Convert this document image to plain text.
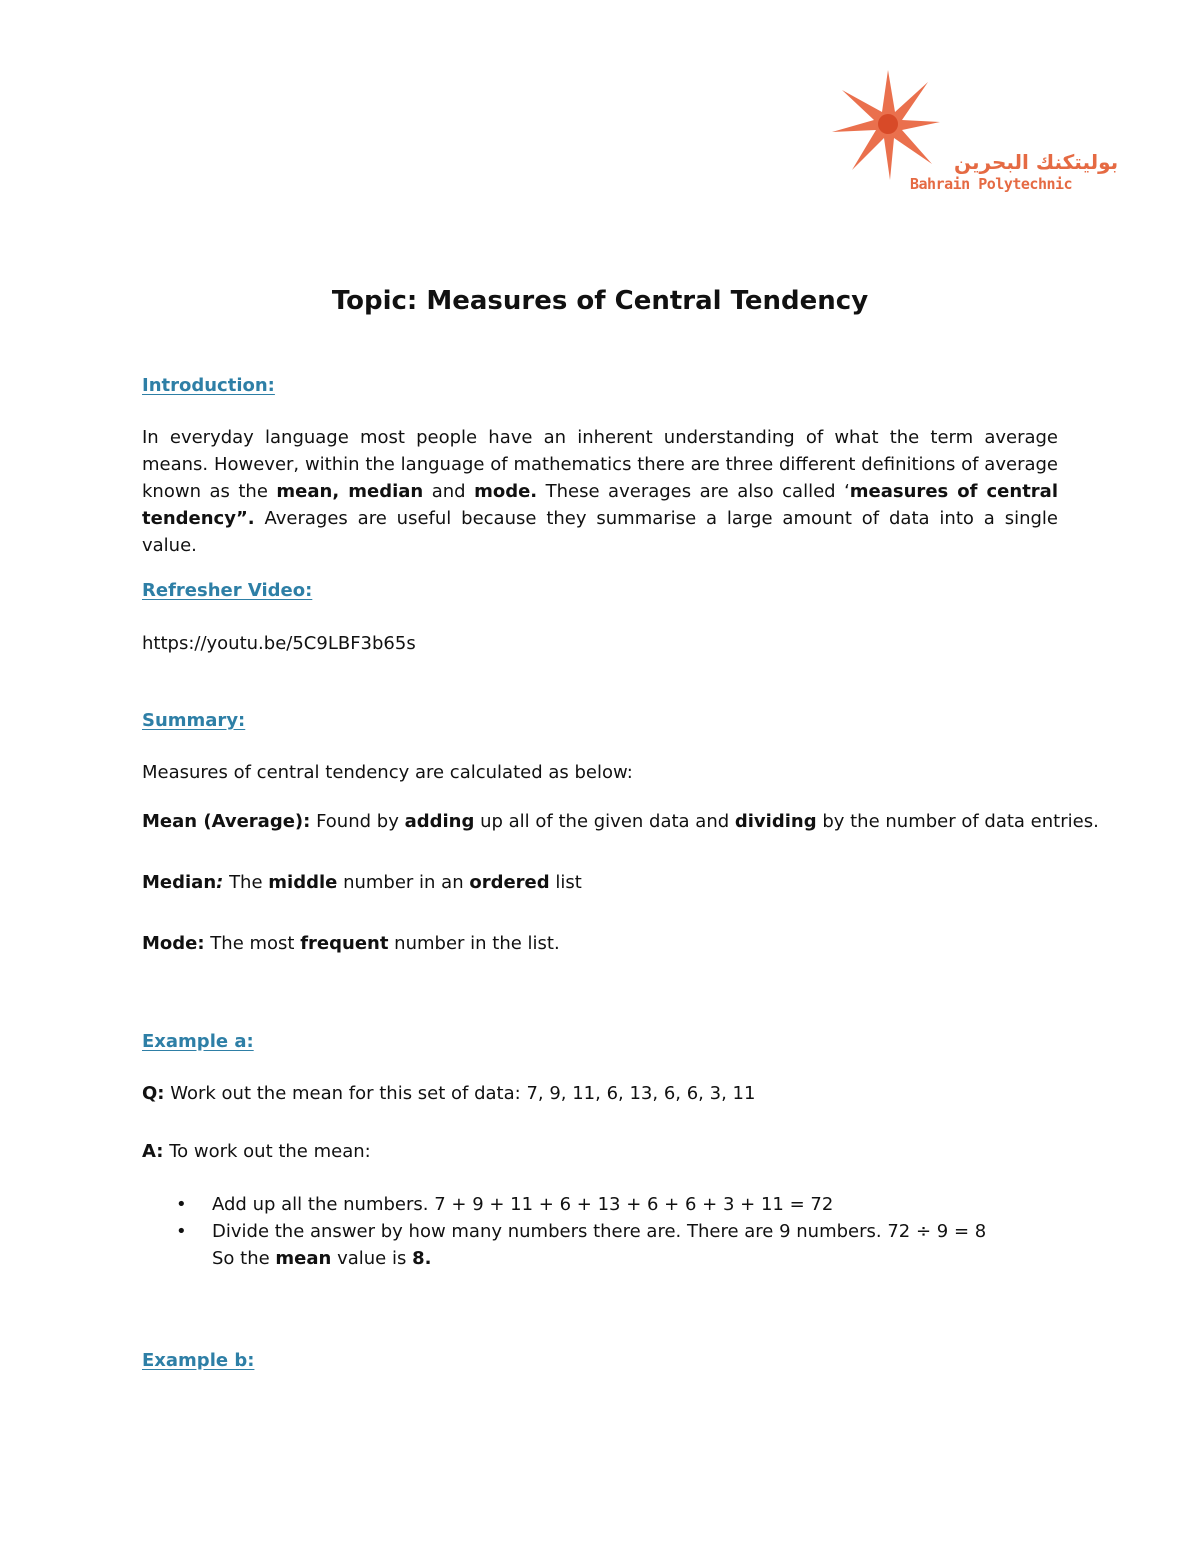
بوليتكنك البحرين
Bahrain Polytechnic
Topic: Measures of Central Tendency
Introduction:
In everyday language most people have an inherent understanding of what the term average means. However, within the language of mathematics there are three different definitions of average known as the mean, median and mode. These averages are also called ‘measures of central tendency”. Averages are useful because they summarise a large amount of data into a single value.
Refresher Video:
https://youtu.be/5C9LBF3b65s
Summary:
Measures of central tendency are calculated as below:
Mean (Average): Found by adding up all of the given data and dividing by the number of data entries.
Median: The middle number in an ordered list
Mode: The most frequent number in the list.
Example a:
Q: Work out the mean for this set of data: 7, 9, 11, 6, 13, 6, 6, 3, 11
A: To work out the mean:
• Add up all the numbers. 7 + 9 + 11 + 6 + 13 + 6 + 6 + 3 + 11 = 72
• Divide the answer by how many numbers there are. There are 9 numbers. 72 ÷ 9 = 8
So the mean value is 8.
Example b:
